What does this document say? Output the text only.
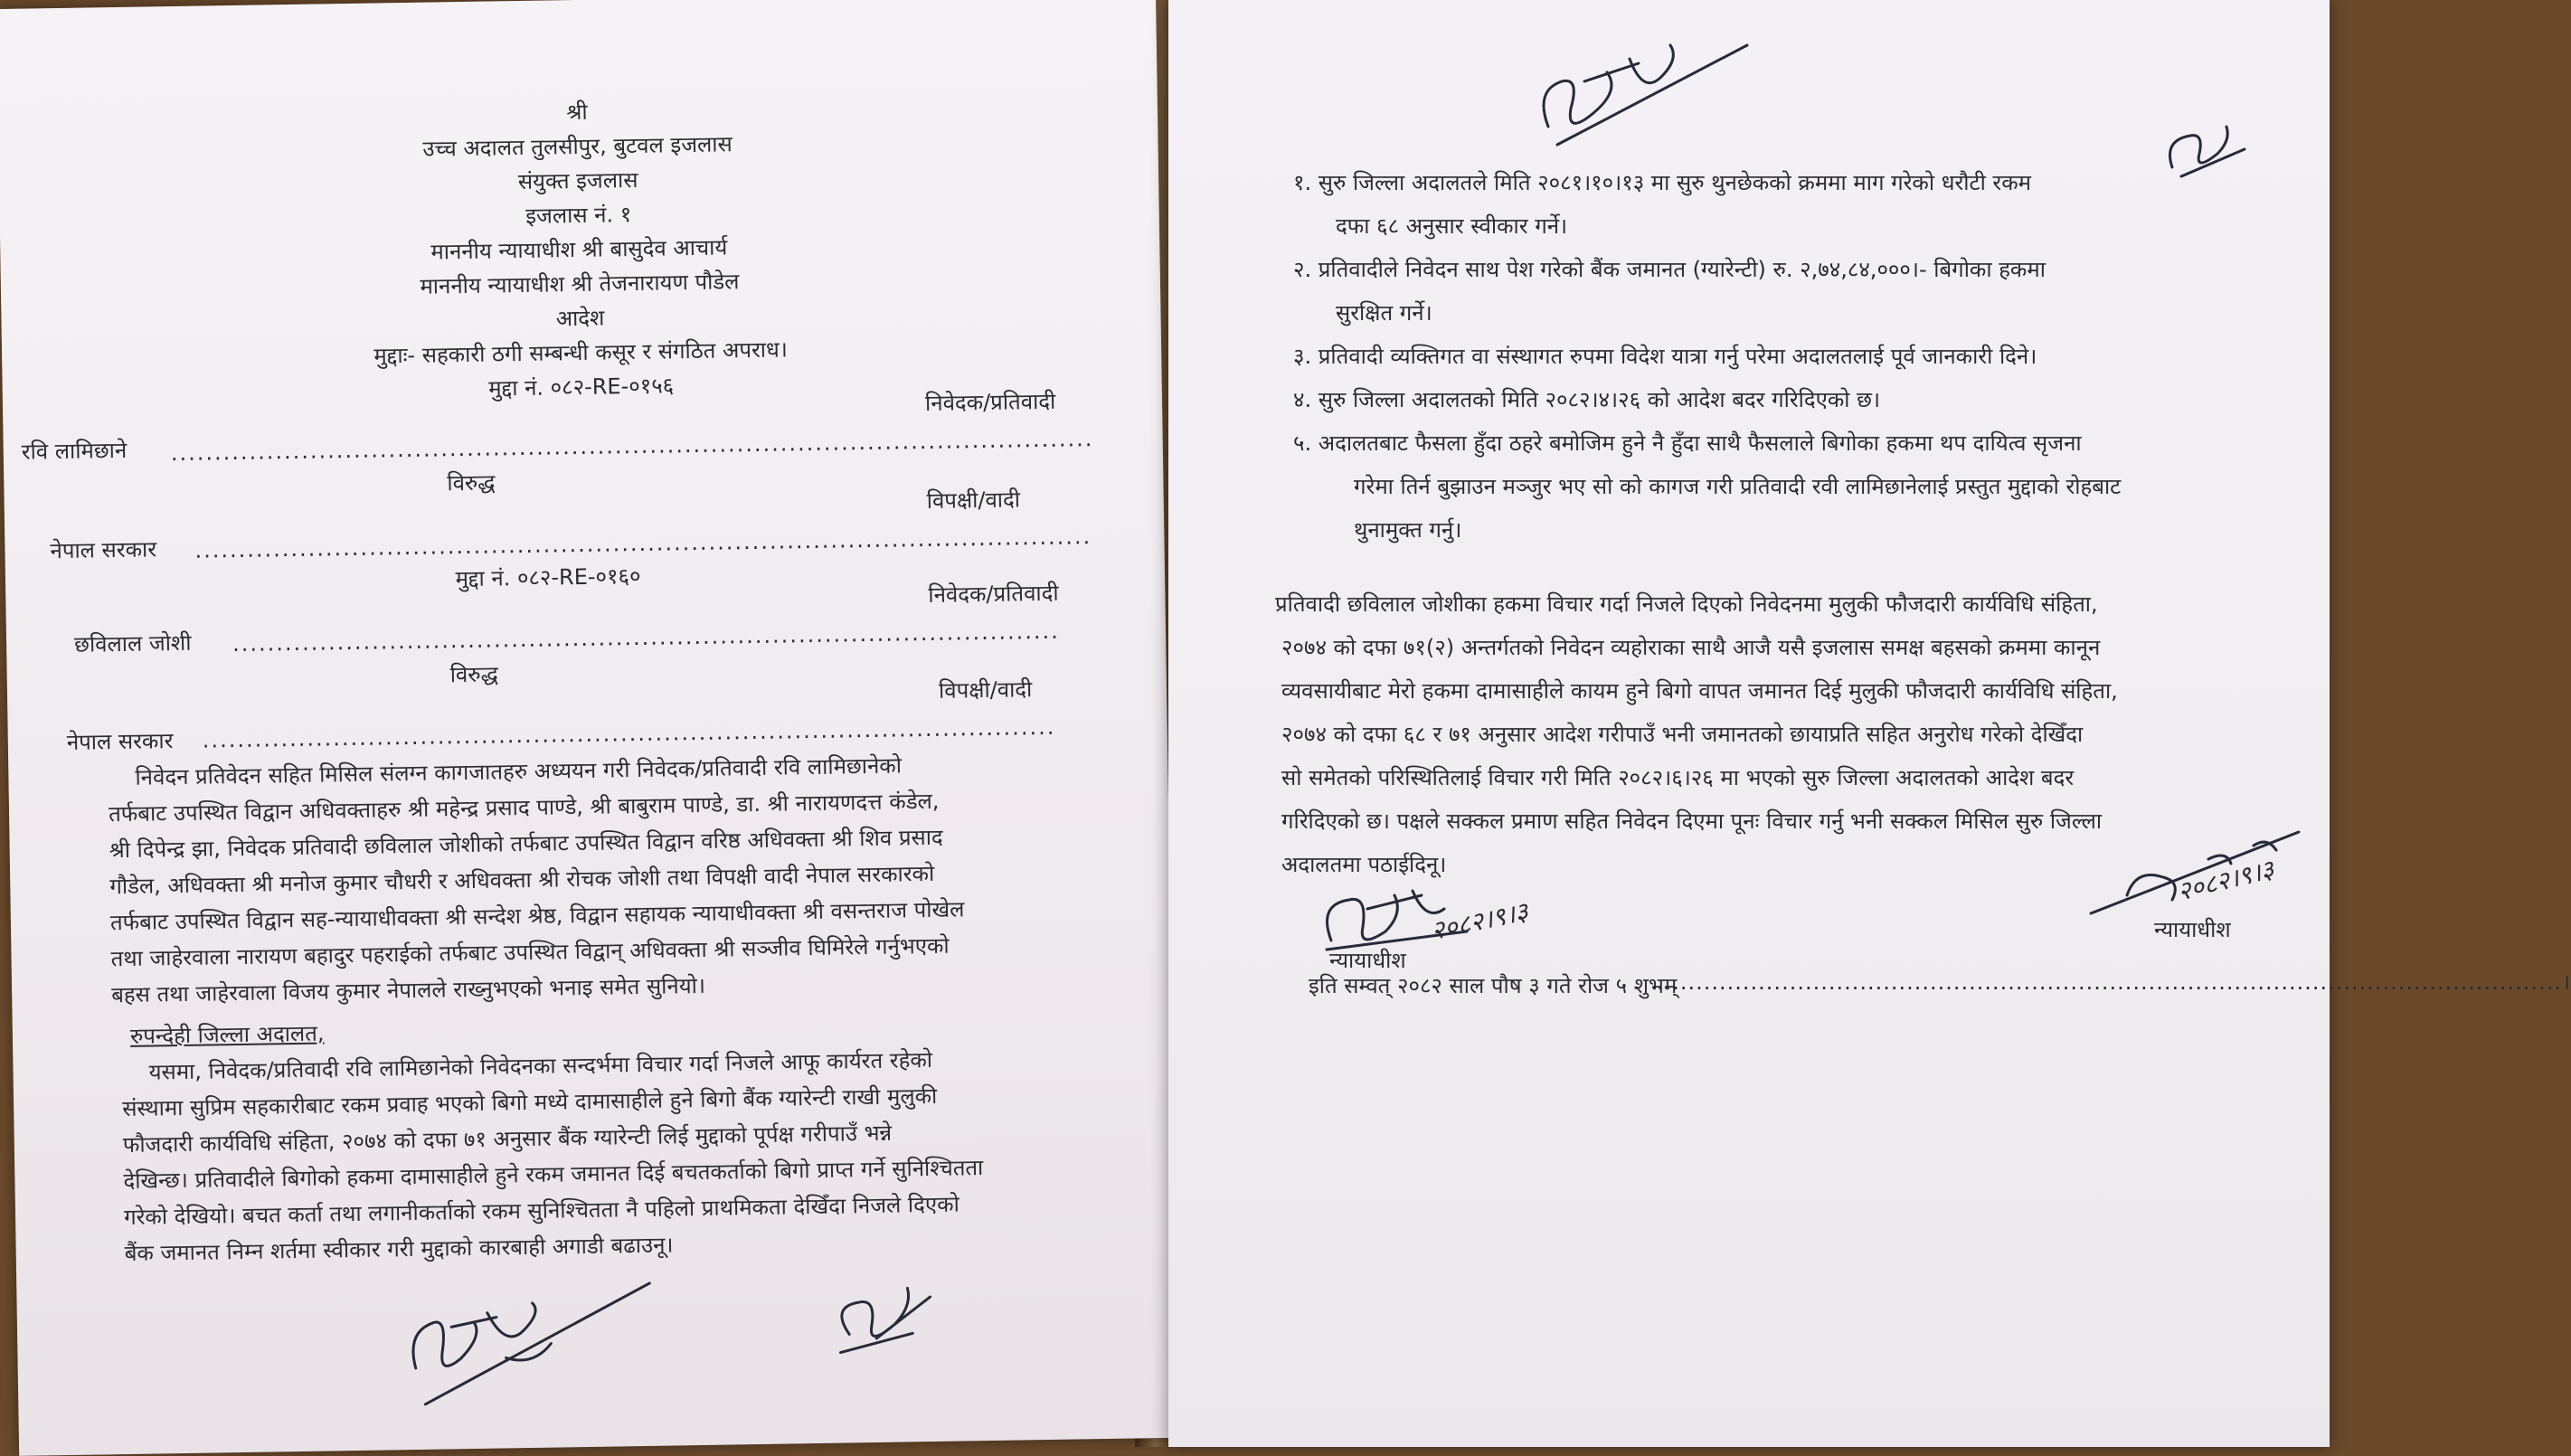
श्री
उच्च अदालत तुलसीपुर, बुटवल इजलास
संयुक्त इजलास
इजलास नं. १
माननीय न्यायाधीश श्री बासुदेव आचार्य
माननीय न्यायाधीश श्री तेजनारायण पौडेल
आदेश
मुद्दाः- सहकारी ठगी सम्बन्धी कसूर र संगठित अपराध।
मुद्दा नं. ०८२-RE-०१५६
निवेदक/प्रतिवादी
रवि लामिछाने ..........................................................................................................
विरुद्ध
विपक्षी/वादी
नेपाल सरकार .......................................................................................................
मुद्दा नं. ०८२-RE-०१६०
निवेदक/प्रतिवादी
छविलाल जोशी ...............................................................................................
विरुद्ध
विपक्षी/वादी
नेपाल सरकार ..................................................................................................
निवेदन प्रतिवेदन सहित मिसिल संलग्न कागजातहरु अध्ययन गरी निवेदक/प्रतिवादी रवि लामिछानेको
तर्फबाट उपस्थित विद्वान अधिवक्ताहरु श्री महेन्द्र प्रसाद पाण्डे, श्री बाबुराम पाण्डे, डा. श्री नारायणदत्त कंडेल,
श्री दिपेन्द्र झा, निवेदक प्रतिवादी छविलाल जोशीको तर्फबाट उपस्थित विद्वान वरिष्ठ अधिवक्ता श्री शिव प्रसाद
गौडेल, अधिवक्ता श्री मनोज कुमार चौधरी र अधिवक्ता श्री रोचक जोशी तथा विपक्षी वादी नेपाल सरकारको
तर्फबाट उपस्थित विद्वान सह-न्यायाधीवक्ता श्री सन्देश श्रेष्ठ, विद्वान सहायक न्यायाधीवक्ता श्री वसन्तराज पोखेल
तथा जाहेरवाला नारायण बहादुर पहराईको तर्फबाट उपस्थित विद्वान् अधिवक्ता श्री सञ्जीव घिमिरेले गर्नुभएको
बहस तथा जाहेरवाला विजय कुमार नेपालले राख्नुभएको भनाइ समेत सुनियो।
रुपन्देही जिल्ला अदालत,
यसमा, निवेदक/प्रतिवादी रवि लामिछानेको निवेदनका सन्दर्भमा विचार गर्दा निजले आफू कार्यरत रहेको
संस्थामा सुप्रिम सहकारीबाट रकम प्रवाह भएको बिगो मध्ये दामासाहीले हुने बिगो बैंक ग्यारेन्टी राखी मुलुकी
फौजदारी कार्यविधि संहिता, २०७४ को दफा ७१ अनुसार बैंक ग्यारेन्टी लिई मुद्दाको पूर्पक्ष गरीपाउँ भन्ने
देखिन्छ। प्रतिवादीले बिगोको हकमा दामासाहीले हुने रकम जमानत दिई बचतकर्ताको बिगो प्राप्त गर्ने सुनिश्चितता
गरेको देखियो। बचत कर्ता तथा लगानीकर्ताको रकम सुनिश्चितता नै पहिलो प्राथमिकता देखिँदा निजले दिएको
बैंक जमानत निम्न शर्तमा स्वीकार गरी मुद्दाको कारबाही अगाडी बढाउनू।
१. सुरु जिल्ला अदालतले मिति २०८१।१०।१३ मा सुरु थुनछेकको क्रममा माग गरेको धरौटी रकम
दफा ६८ अनुसार स्वीकार गर्ने।
२. प्रतिवादीले निवेदन साथ पेश गरेको बैंक जमानत (ग्यारेन्टी) रु. २,७४,८४,०००।- बिगोका हकमा
सुरक्षित गर्ने।
३. प्रतिवादी व्यक्तिगत वा संस्थागत रुपमा विदेश यात्रा गर्नु परेमा अदालतलाई पूर्व जानकारी दिने।
४. सुरु जिल्ला अदालतको मिति २०८२।४।२६ को आदेश बदर गरिदिएको छ।
५. अदालतबाट फैसला हुँदा ठहरे बमोजिम हुने नै हुँदा साथै फैसलाले बिगोका हकमा थप दायित्व सृजना
गरेमा तिर्न बुझाउन मञ्जुर भए सो को कागज गरी प्रतिवादी रवी लामिछानेलाई प्रस्तुत मुद्दाको रोहबाट
थुनामुक्त गर्नु।
प्रतिवादी छविलाल जोशीका हकमा विचार गर्दा निजले दिएको निवेदनमा मुलुकी फौजदारी कार्यविधि संहिता,
२०७४ को दफा ७१(२) अन्तर्गतको निवेदन व्यहोराका साथै आजै यसै इजलास समक्ष बहसको क्रममा कानून
व्यवसायीबाट मेरो हकमा दामासाहीले कायम हुने बिगो वापत जमानत दिई मुलुकी फौजदारी कार्यविधि संहिता,
२०७४ को दफा ६८ र ७१ अनुसार आदेश गरीपाउँ भनी जमानतको छायाप्रति सहित अनुरोध गरेको देखिँदा
सो समेतको परिस्थितिलाई विचार गरी मिति २०८२।६।२६ मा भएको सुरु जिल्ला अदालतको आदेश बदर
गरिदिएको छ। पक्षले सक्कल प्रमाण सहित निवेदन दिएमा पूनः विचार गर्नु भनी सक्कल मिसिल सुरु जिल्ला
अदालतमा पठाईदिनू।
२०८२।९।३
न्यायाधीश
२०८२।९।३
न्यायाधीश
इति सम्वत् २०८२ साल पौष ३ गते रोज ५ शुभम्
....................................................................................................................।
